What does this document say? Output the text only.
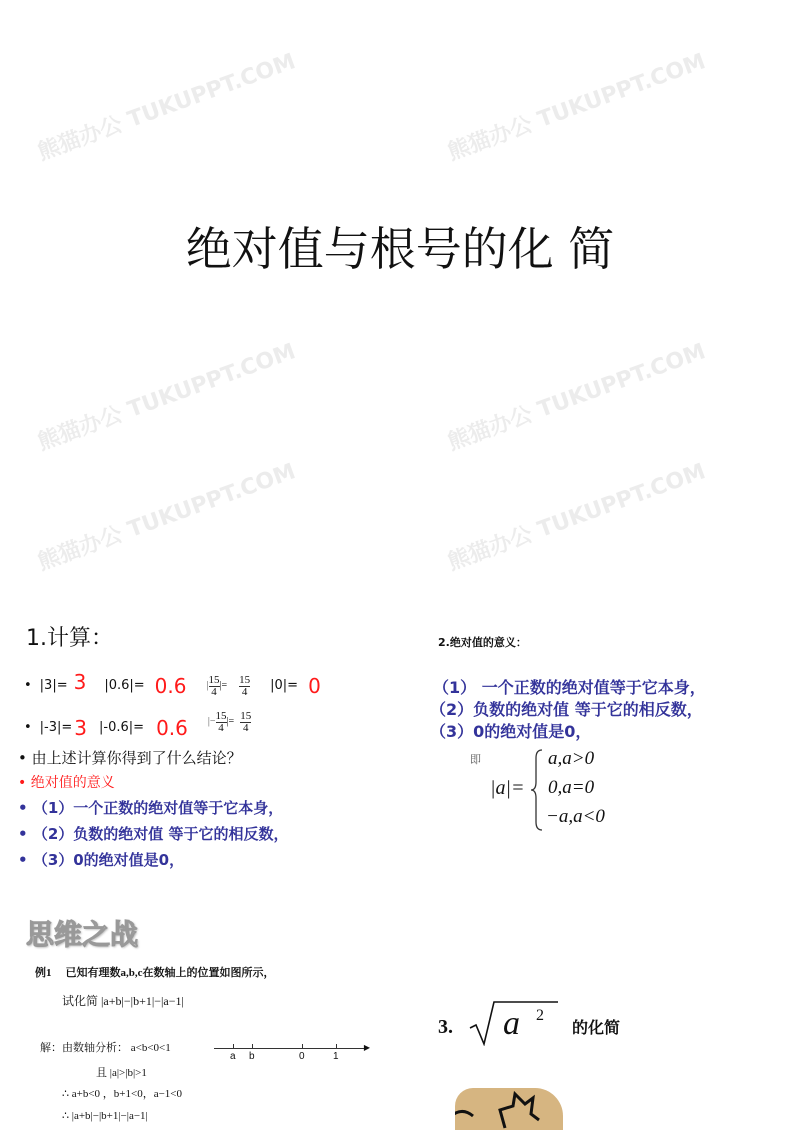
熊猫办公 TUKUPPT.COM	熊猫办公 TUKUPPT.COM
熊猫办公 TUKUPPT.COM	熊猫办公 TUKUPPT.COM
熊猫办公 TUKUPPT.COM	熊猫办公 TUKUPPT.COM
绝对值与根号的化 简
1.计算：
• |3|= 3 |0.6|= 0.6 | $\frac{15}{4}$ |= $\frac{15}{4} |0|= 0$
• |-3|= 3 |-0.6|= 0.6 |− $\frac{15}{4}$ |= $\frac{15}{4}$
• 由上述计算你得到了什么结论？
• 绝对值的意义
• （1）一个正数的绝对值等于它本身，
• （2）负数的绝对值 等于它的相反数，
• （3）0的绝对值是0，
2.绝对值的意义：
（1） 一个正数的绝对值等于它本身，
（2）负数的绝对值 等于它的相反数，
（3）0的绝对值是0，
即
|a|=
a,a>0
0,a=0
−a,a<0
思维之战
例1 已知有理数a,b,c在数轴上的位置如图所示，
试化简 |a+b|−|b+1|−|a−1|
解：由数轴分析： a<b<0<1
且 |a|>|b|>1
∴ a+b<0 ，b+1<0，a−1<0
∴ |a+b|−|b+1|−|a−1|
▶
a b	0	1
3. a 2
的化简
